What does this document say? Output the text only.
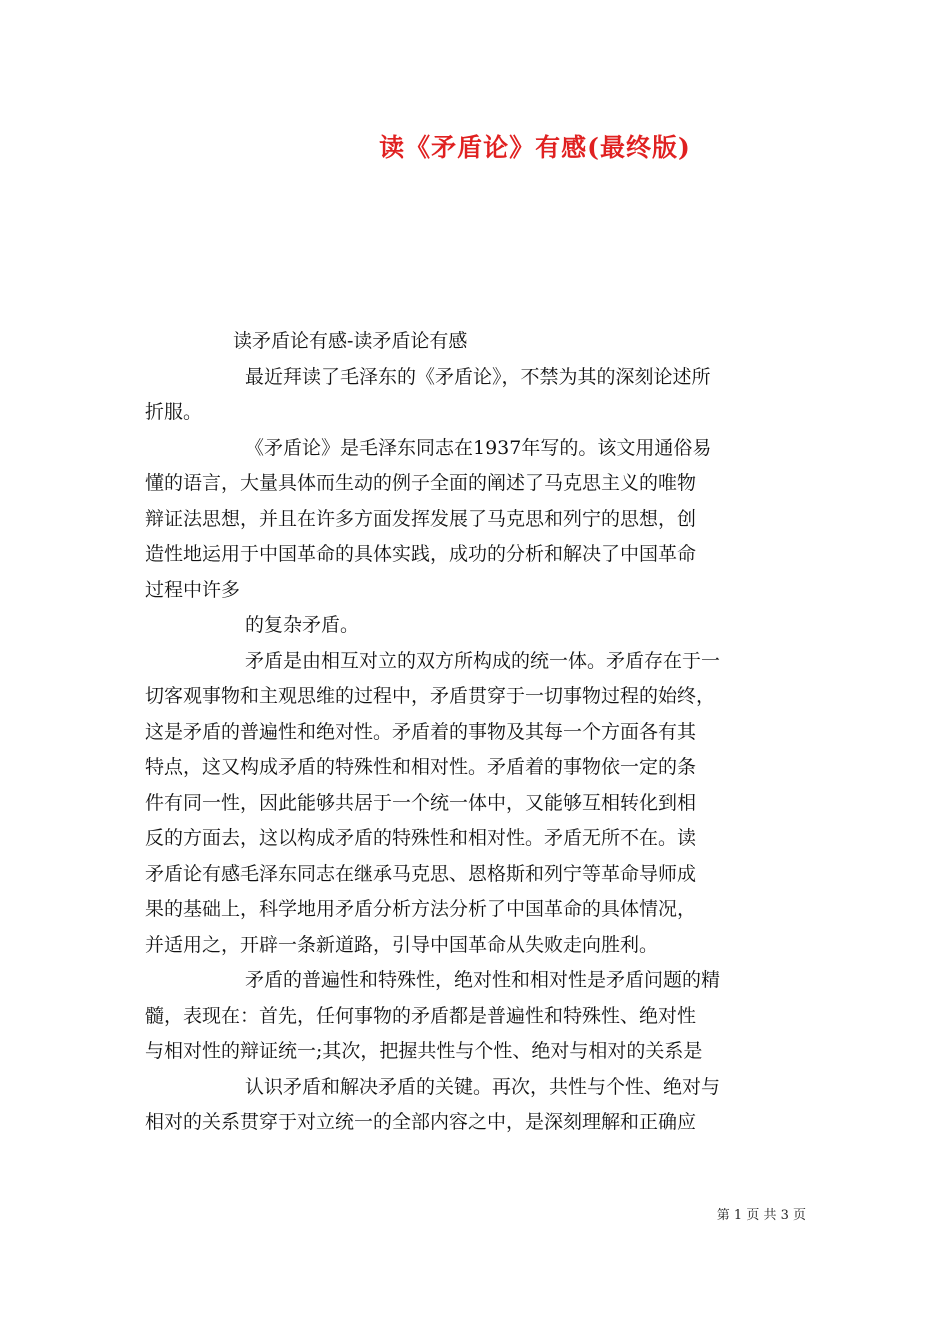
读《矛盾论》有感(最终版)
读矛盾论有感-读矛盾论有感
最近拜读了毛泽东的《矛盾论》，不禁为其的深刻论述所
折服。
《矛盾论》是毛泽东同志在1937年写的。该文用通俗易
懂的语言，大量具体而生动的例子全面的阐述了马克思主义的唯物
辩证法思想，并且在许多方面发挥发展了马克思和列宁的思想，创
造性地运用于中国革命的具体实践，成功的分析和解决了中国革命
过程中许多
的复杂矛盾。
矛盾是由相互对立的双方所构成的统一体。矛盾存在于一
切客观事物和主观思维的过程中，矛盾贯穿于一切事物过程的始终，
这是矛盾的普遍性和绝对性。矛盾着的事物及其每一个方面各有其
特点，这又构成矛盾的特殊性和相对性。矛盾着的事物依一定的条
件有同一性，因此能够共居于一个统一体中，又能够互相转化到相
反的方面去，这以构成矛盾的特殊性和相对性。矛盾无所不在。读
矛盾论有感毛泽东同志在继承马克思、恩格斯和列宁等革命导师成
果的基础上，科学地用矛盾分析方法分析了中国革命的具体情况，
并适用之，开辟一条新道路，引导中国革命从失败走向胜利。
矛盾的普遍性和特殊性，绝对性和相对性是矛盾问题的精
髓，表现在：首先，任何事物的矛盾都是普遍性和特殊性、绝对性
与相对性的辩证统一;其次，把握共性与个性、绝对与相对的关系是
认识矛盾和解决矛盾的关键。再次，共性与个性、绝对与
相对的关系贯穿于对立统一的全部内容之中，是深刻理解和正确应
第 1 页 共 3 页
